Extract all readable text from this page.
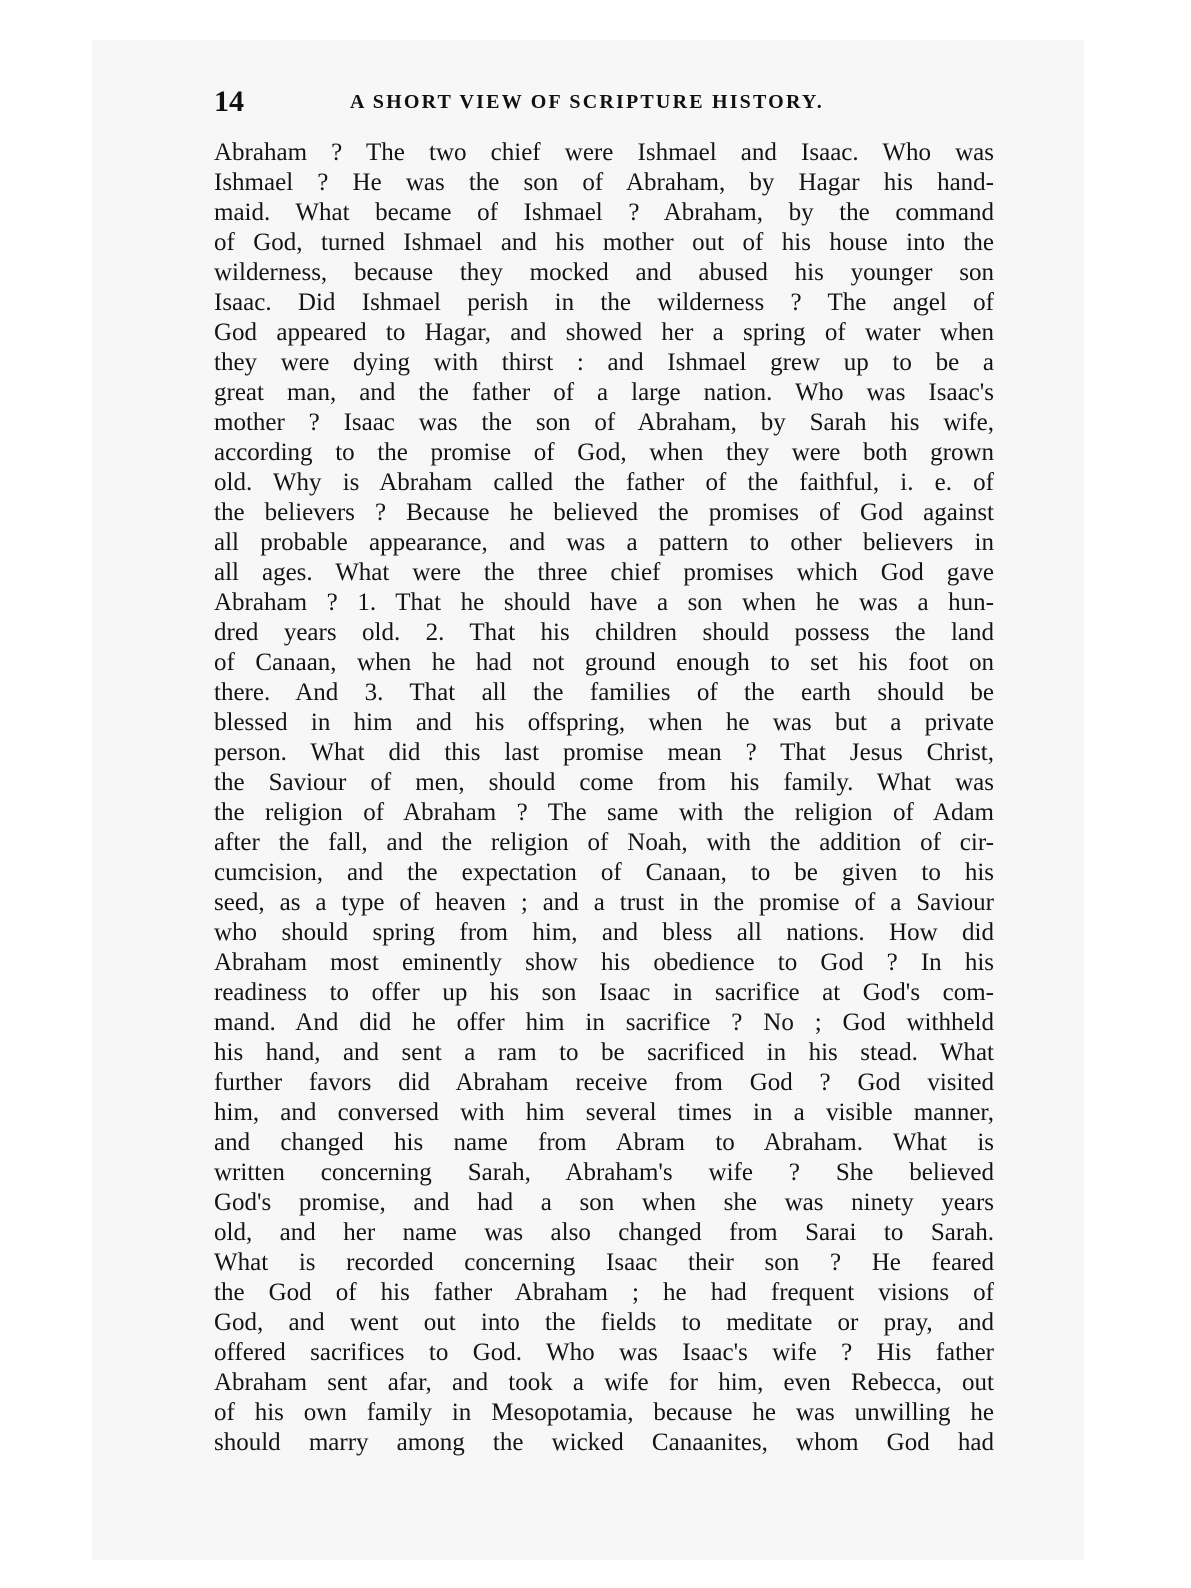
14	A SHORT VIEW OF SCRIPTURE HISTORY.
Abraham ? The two chief were Ishmael and Isaac. Who was
Ishmael ? He was the son of Abraham, by Hagar his hand-
maid. What became of Ishmael ? Abraham, by the command
of God, turned Ishmael and his mother out of his house into the
wilderness, because they mocked and abused his younger son
Isaac. Did Ishmael perish in the wilderness ? The angel of
God appeared to Hagar, and showed her a spring of water when
they were dying with thirst : and Ishmael grew up to be a
great man, and the father of a large nation. Who was Isaac's
mother ? Isaac was the son of Abraham, by Sarah his wife,
according to the promise of God, when they were both grown
old. Why is Abraham called the father of the faithful, i. e. of
the believers ? Because he believed the promises of God against
all probable appearance, and was a pattern to other believers in
all ages. What were the three chief promises which God gave
Abraham ? 1. That he should have a son when he was a hun-
dred years old. 2. That his children should possess the land
of Canaan, when he had not ground enough to set his foot on
there. And 3. That all the families of the earth should be
blessed in him and his offspring, when he was but a private
person. What did this last promise mean ? That Jesus Christ,
the Saviour of men, should come from his family. What was
the religion of Abraham ? The same with the religion of Adam
after the fall, and the religion of Noah, with the addition of cir-
cumcision, and the expectation of Canaan, to be given to his
seed, as a type of heaven ; and a trust in the promise of a Saviour
who should spring from him, and bless all nations. How did
Abraham most eminently show his obedience to God ? In his
readiness to offer up his son Isaac in sacrifice at God's com-
mand. And did he offer him in sacrifice ? No ; God withheld
his hand, and sent a ram to be sacrificed in his stead. What
further favors did Abraham receive from God ? God visited
him, and conversed with him several times in a visible manner,
and changed his name from Abram to Abraham. What is
written concerning Sarah, Abraham's wife ? She believed
God's promise, and had a son when she was ninety years
old, and her name was also changed from Sarai to Sarah.
What is recorded concerning Isaac their son ? He feared
the God of his father Abraham ; he had frequent visions of
God, and went out into the fields to meditate or pray, and
offered sacrifices to God. Who was Isaac's wife ? His father
Abraham sent afar, and took a wife for him, even Rebecca, out
of his own family in Mesopotamia, because he was unwilling he
should marry among the wicked Canaanites, whom God had
